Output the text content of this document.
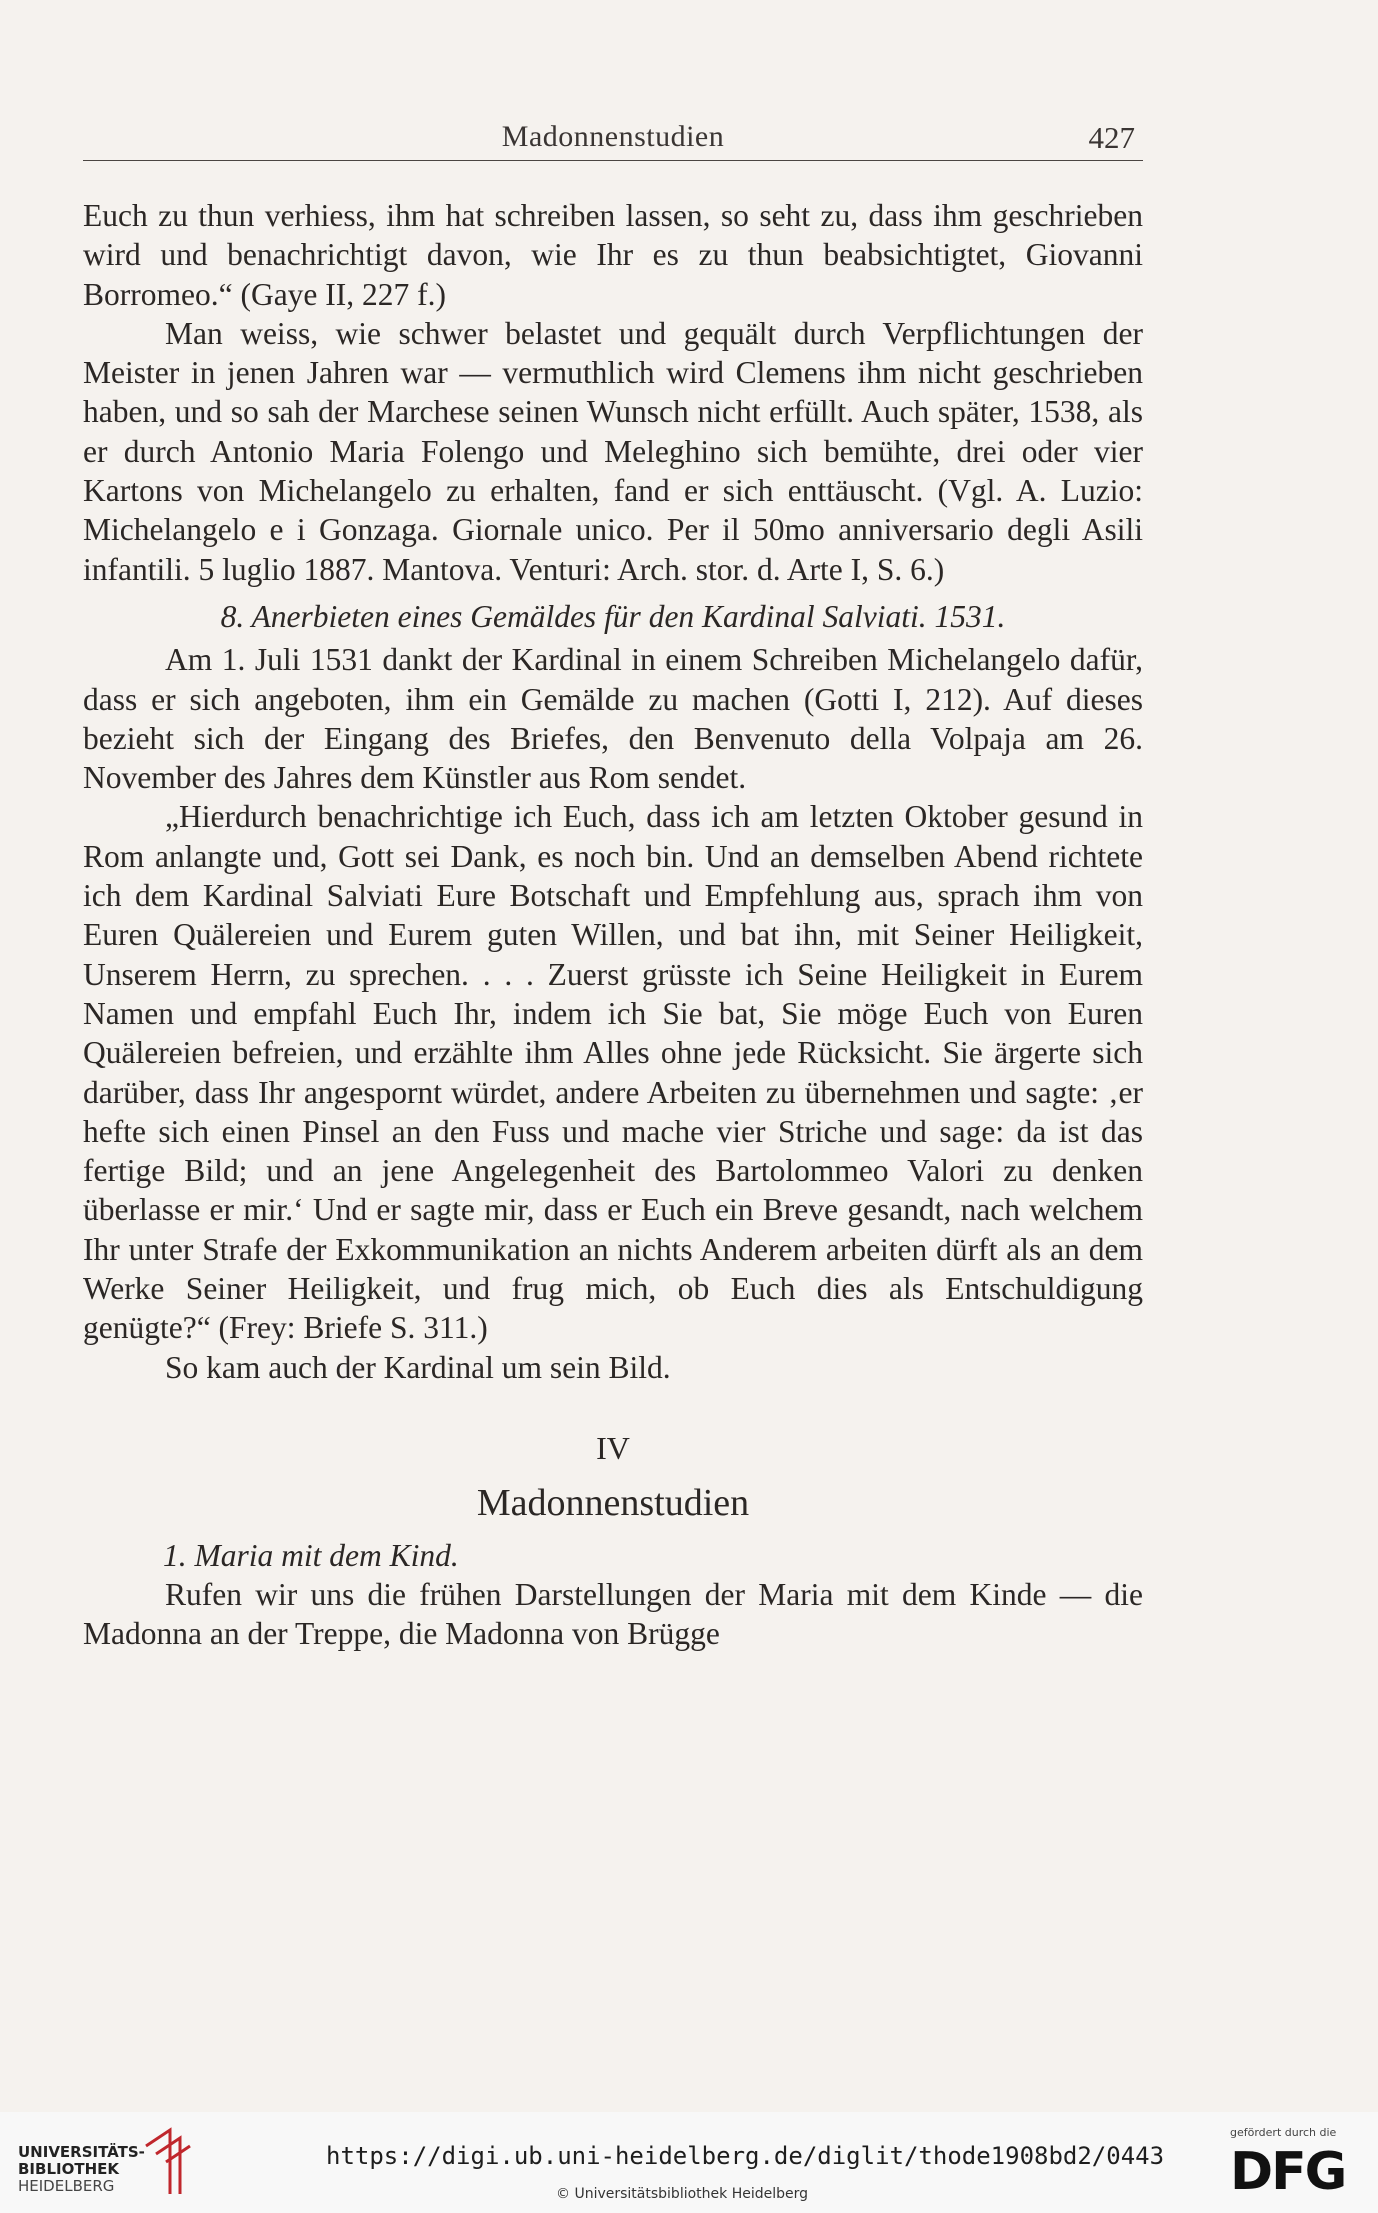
Madonnenstudien	427

Euch zu thun verhiess, ihm hat schreiben lassen, so seht zu, dass ihm geschrieben wird und benachrichtigt davon, wie Ihr es zu thun beabsichtigtet, Giovanni Borromeo.“ (Gaye II, 227 f.)

Man weiss, wie schwer belastet und gequält durch Verpflichtungen der Meister in jenen Jahren war — vermuthlich wird Clemens ihm nicht geschrieben haben, und so sah der Marchese seinen Wunsch nicht erfüllt. Auch später, 1538, als er durch Antonio Maria Folengo und Meleghino sich bemühte, drei oder vier Kartons von Michelangelo zu erhalten, fand er sich enttäuscht. (Vgl. A. Luzio: Michelangelo e i Gonzaga. Giornale unico. Per il 50mo anniversario degli Asili infantili. 5 luglio 1887. Mantova. Venturi: Arch. stor. d. Arte I, S. 6.)

8. Anerbieten eines Gemäldes für den Kardinal Salviati. 1531.

Am 1. Juli 1531 dankt der Kardinal in einem Schreiben Michelangelo dafür, dass er sich angeboten, ihm ein Gemälde zu machen (Gotti I, 212). Auf dieses bezieht sich der Eingang des Briefes, den Benvenuto della Volpaja am 26. November des Jahres dem Künstler aus Rom sendet.

„Hierdurch benachrichtige ich Euch, dass ich am letzten Oktober gesund in Rom anlangte und, Gott sei Dank, es noch bin. Und an demselben Abend richtete ich dem Kardinal Salviati Eure Botschaft und Empfehlung aus, sprach ihm von Euren Quälereien und Eurem guten Willen, und bat ihn, mit Seiner Heiligkeit, Unserem Herrn, zu sprechen. . . . Zuerst grüsste ich Seine Heiligkeit in Eurem Namen und empfahl Euch Ihr, indem ich Sie bat, Sie möge Euch von Euren Quälereien befreien, und erzählte ihm Alles ohne jede Rücksicht. Sie ärgerte sich darüber, dass Ihr angespornt würdet, andere Arbeiten zu übernehmen und sagte: ‚er hefte sich einen Pinsel an den Fuss und mache vier Striche und sage: da ist das fertige Bild; und an jene Angelegenheit des Bartolommeo Valori zu denken überlasse er mir.‘ Und er sagte mir, dass er Euch ein Breve gesandt, nach welchem Ihr unter Strafe der Exkommunikation an nichts Anderem arbeiten dürft als an dem Werke Seiner Heiligkeit, und frug mich, ob Euch dies als Entschuldigung genügte?“ (Frey: Briefe S. 311.)

So kam auch der Kardinal um sein Bild.

IV

Madonnenstudien

1. Maria mit dem Kind.

Rufen wir uns die frühen Darstellungen der Maria mit dem Kinde — die Madonna an der Treppe, die Madonna von Brügge

UNIVERSITÄTS-
BIBLIOTHEK
HEIDELBERG
https://digi.ub.uni-heidelberg.de/diglit/thode1908bd2/0443
© Universitätsbibliothek Heidelberg
gefördert durch die
DFG
